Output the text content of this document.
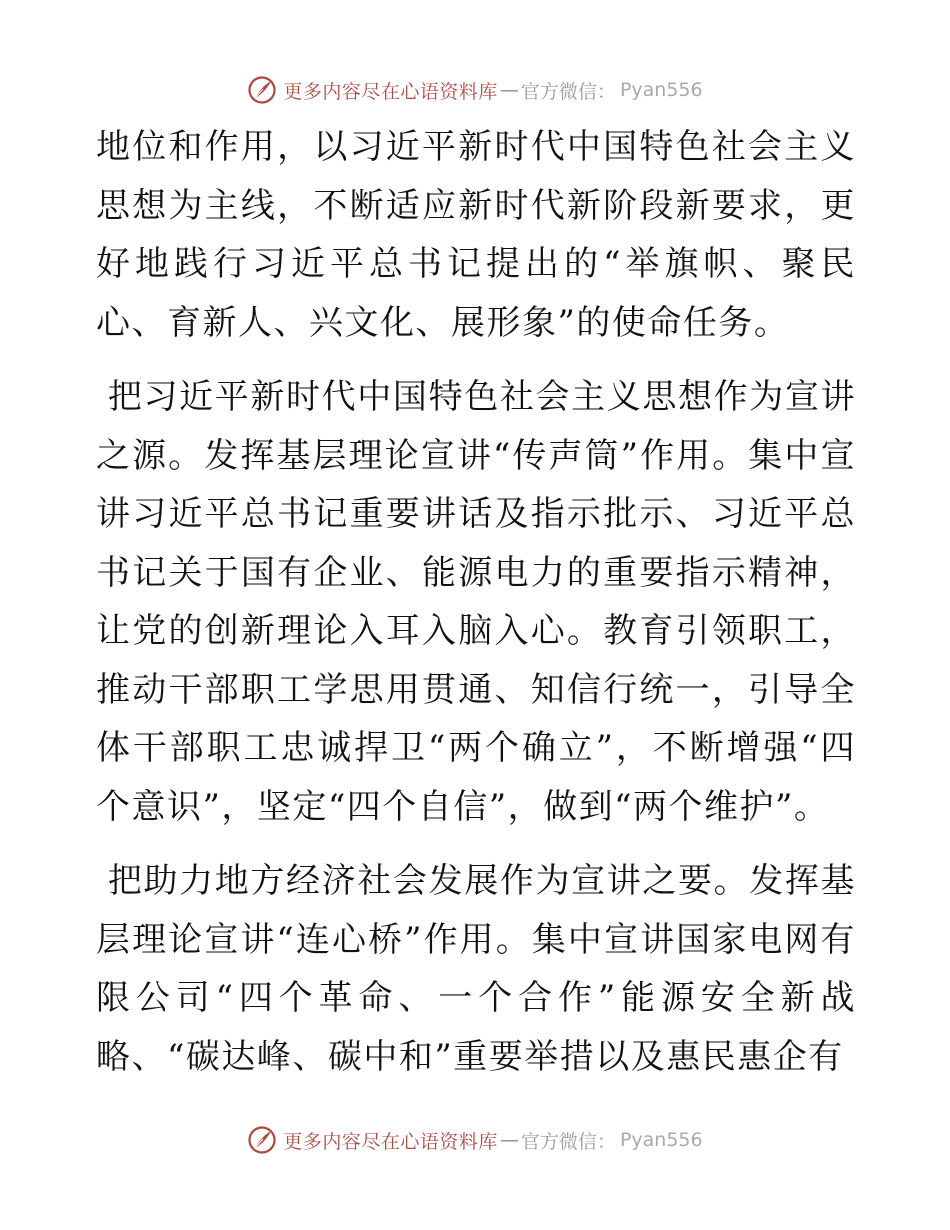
更多内容尽在心语资料库 — 官方微信： Pyan556

地位和作用，以习近平新时代中国特色社会主义思想为主线，不断适应新时代新阶段新要求，更好地践行习近平总书记提出的“举旗帜、聚民心、育新人、兴文化、展形象”的使命任务。

把习近平新时代中国特色社会主义思想作为宣讲之源。发挥基层理论宣讲“传声筒”作用。集中宣讲习近平总书记重要讲话及指示批示、习近平总书记关于国有企业、能源电力的重要指示精神，让党的创新理论入耳入脑入心。教育引领职工，推动干部职工学思用贯通、知信行统一，引导全体干部职工忠诚捍卫“两个确立”，不断增强“四个意识”，坚定“四个自信”，做到“两个维护”。

把助力地方经济社会发展作为宣讲之要。发挥基层理论宣讲“连心桥”作用。集中宣讲国家电网有限公司“四个革命、一个合作”能源安全新战略、“碳达峰、碳中和”重要举措以及惠民惠企有

更多内容尽在心语资料库 — 官方微信： Pyan556
